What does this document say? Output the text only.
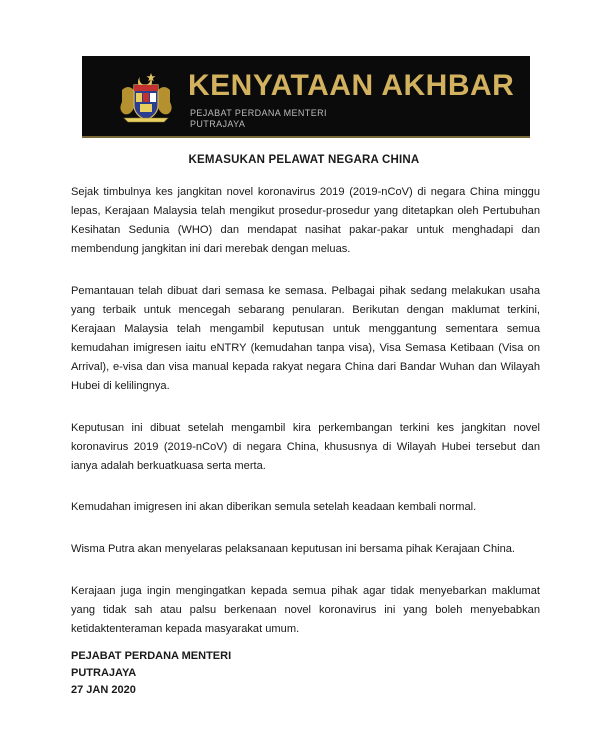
KENYATAAN AKHBAR
PEJABAT PERDANA MENTERI
PUTRAJAYA
KEMASUKAN PELAWAT NEGARA CHINA

Sejak timbulnya kes jangkitan novel koronavirus 2019 (2019-nCoV) di negara China minggu lepas, Kerajaan Malaysia telah mengikut prosedur-prosedur yang ditetapkan oleh Pertubuhan Kesihatan Sedunia (WHO) dan mendapat nasihat pakar-pakar untuk menghadapi dan membendung jangkitan ini dari merebak dengan meluas.

Pemantauan telah dibuat dari semasa ke semasa. Pelbagai pihak sedang melakukan usaha yang terbaik untuk mencegah sebarang penularan. Berikutan dengan maklumat terkini, Kerajaan Malaysia telah mengambil keputusan untuk menggantung sementara semua kemudahan imigresen iaitu eNTRY (kemudahan tanpa visa), Visa Semasa Ketibaan (Visa on Arrival), e-visa dan visa manual kepada rakyat negara China dari Bandar Wuhan dan Wilayah Hubei di kelilingnya.

Keputusan ini dibuat setelah mengambil kira perkembangan terkini kes jangkitan novel koronavirus 2019 (2019-nCoV) di negara China, khususnya di Wilayah Hubei tersebut dan ianya adalah berkuatkuasa serta merta.

Kemudahan imigresen ini akan diberikan semula setelah keadaan kembali normal.

Wisma Putra akan menyelaras pelaksanaan keputusan ini bersama pihak Kerajaan China.

Kerajaan juga ingin mengingatkan kepada semua pihak agar tidak menyebarkan maklumat yang tidak sah atau palsu berkenaan novel koronavirus ini yang boleh menyebabkan ketidaktenteraman kepada masyarakat umum.

PEJABAT PERDANA MENTERI
PUTRAJAYA
27 JAN 2020
